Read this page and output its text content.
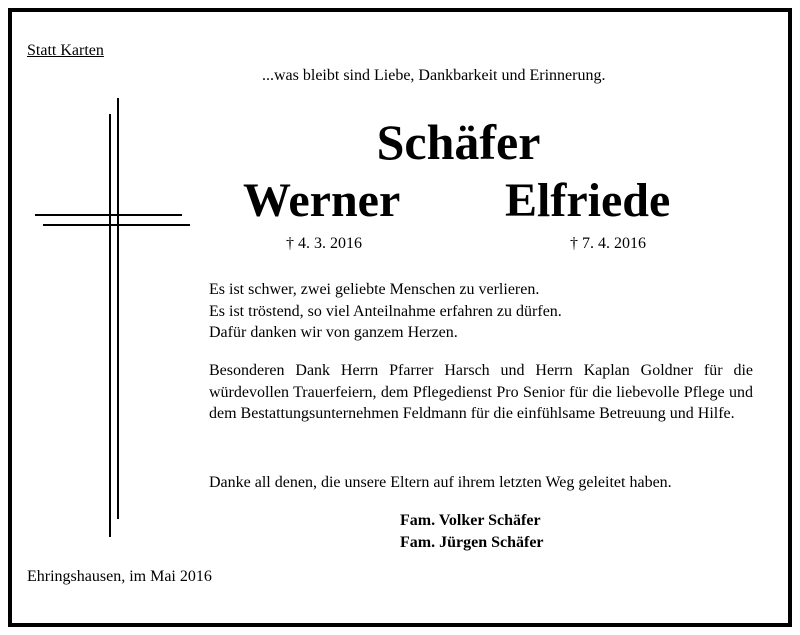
Statt Karten
...was bleibt sind Liebe, Dankbarkeit und Erinnerung.
Schäfer
Werner Elfriede
† 4. 3. 2016	† 7. 4. 2016
Es ist schwer, zwei geliebte Menschen zu verlieren.
Es ist tröstend, so viel Anteilnahme erfahren zu dürfen.
Dafür danken wir von ganzem Herzen.
Besonderen Dank Herrn Pfarrer Harsch und Herrn Kaplan Goldner für die würdevollen Trauerfeiern, dem Pflegedienst Pro Senior für die liebevolle Pflege und dem Bestattungsunternehmen Feldmann für die einfühlsame Betreuung und Hilfe.
Danke all denen, die unsere Eltern auf ihrem letzten Weg geleitet haben.
Fam. Volker Schäfer
Fam. Jürgen Schäfer
Ehringshausen, im Mai 2016
